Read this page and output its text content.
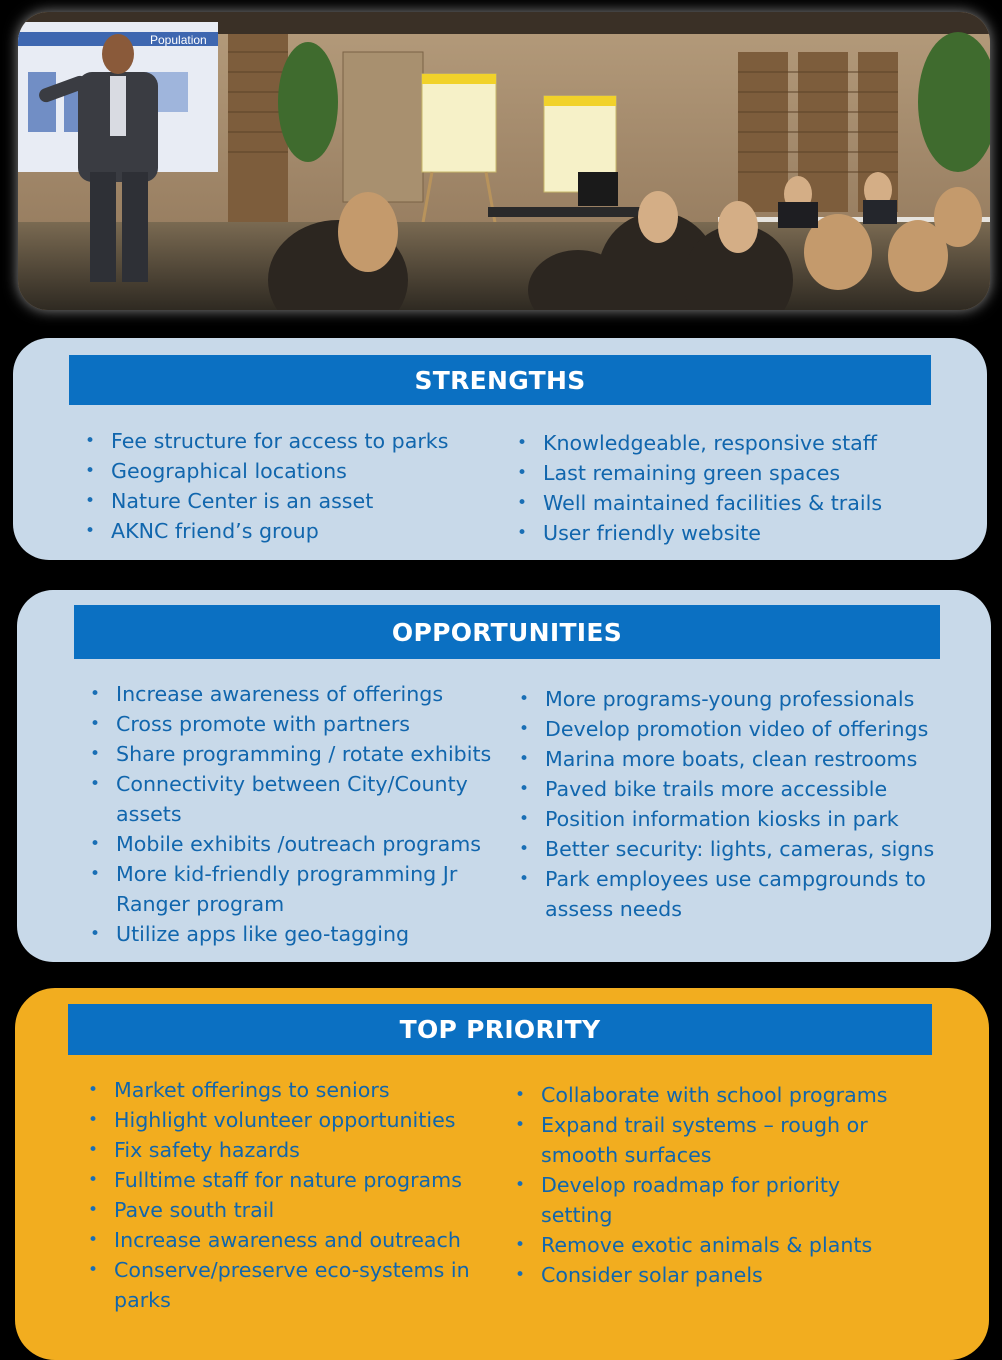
Population
STRENGTHS
• Fee structure for access to parks
• Geographical locations
• Nature Center is an asset
• AKNC friend’s group
• Knowledgeable, responsive staff
• Last remaining green spaces
• Well maintained facilities & trails
• User friendly website
OPPORTUNITIES
• Increase awareness of offerings
• Cross promote with partners
• Share programming / rotate exhibits
• Connectivity between City/County assets
• Mobile exhibits /outreach programs
• More kid-friendly programming Jr Ranger program
• Utilize apps like geo-tagging
• More programs-young professionals
• Develop promotion video of offerings
• Marina more boats, clean restrooms
• Paved bike trails more accessible
• Position information kiosks in park
• Better security: lights, cameras, signs
• Park employees use campgrounds to assess needs
TOP PRIORITY
• Market offerings to seniors
• Highlight volunteer opportunities
• Fix safety hazards
• Fulltime staff for nature programs
• Pave south trail
• Increase awareness and outreach
• Conserve/preserve eco-systems in parks
• Collaborate with school programs
• Expand trail systems – rough or smooth surfaces
• Develop roadmap for priority setting
• Remove exotic animals & plants
• Consider solar panels
